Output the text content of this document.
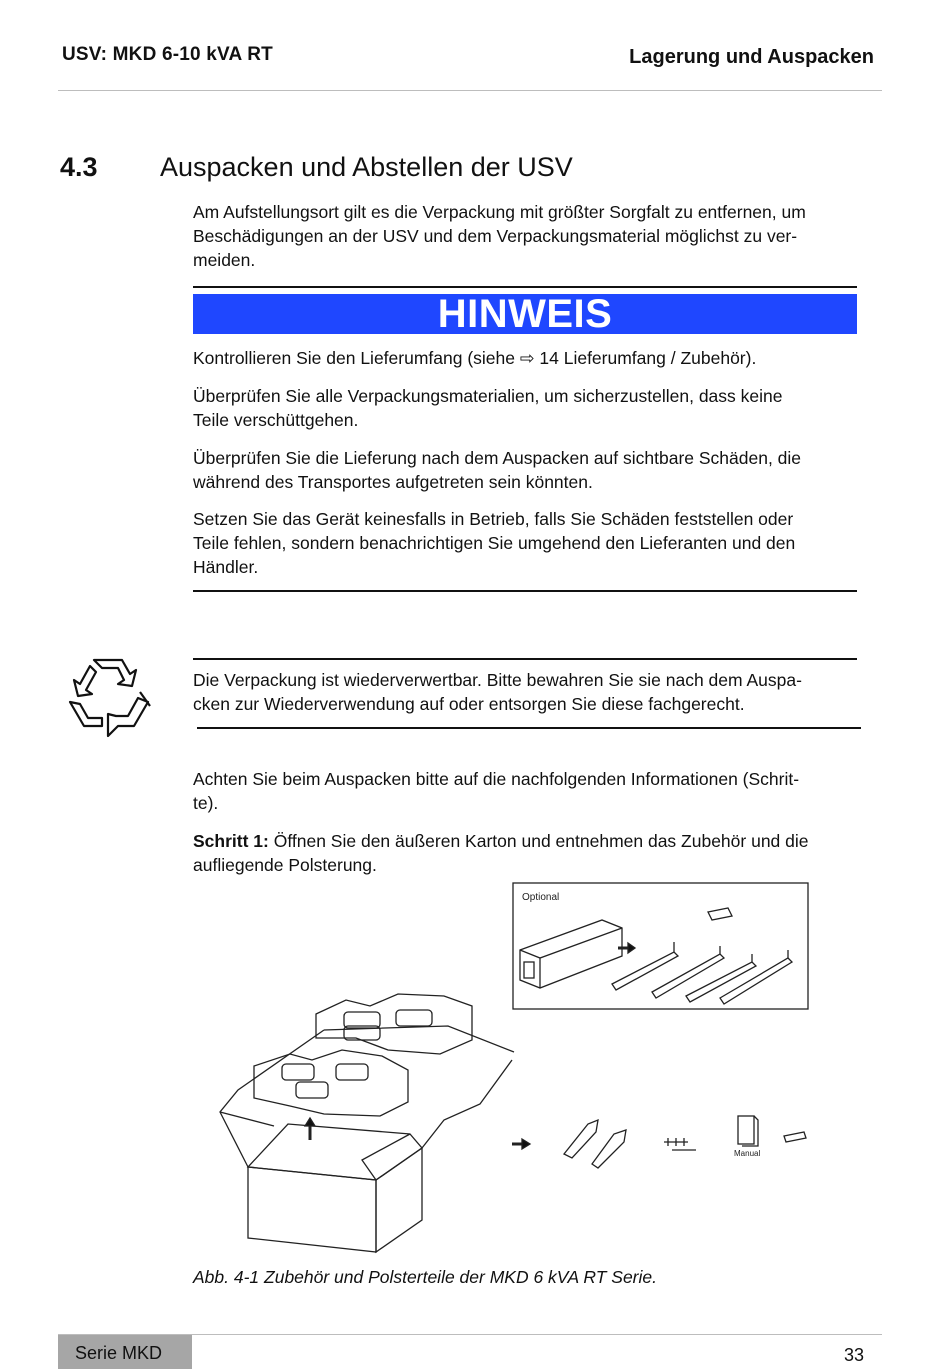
USV: MKD 6-10 kVA RT	Lagerung und Auspacken
4.3 Auspacken und Abstellen der USV
Am Aufstellungsort gilt es die Verpackung mit größter Sorgfalt zu entfernen, um
Beschädigungen an der USV und dem Verpackungsmaterial möglichst zu ver-
meiden.
HINWEIS
Kontrollieren Sie den Lieferumfang (siehe ⇨ 14 Lieferumfang / Zubehör).
Überprüfen Sie alle Verpackungsmaterialien, um sicherzustellen, dass keine
Teile verschüttgehen.
Überprüfen Sie die Lieferung nach dem Auspacken auf sichtbare Schäden, die
während des Transportes aufgetreten sein könnten.
Setzen Sie das Gerät keinesfalls in Betrieb, falls Sie Schäden feststellen oder
Teile fehlen, sondern benachrichtigen Sie umgehend den Lieferanten und den
Händler.
Die Verpackung ist wiederverwertbar. Bitte bewahren Sie sie nach dem Auspa-
cken zur Wiederverwendung auf oder entsorgen Sie diese fachgerecht.
Achten Sie beim Auspacken bitte auf die nachfolgenden Informationen (Schrit-
te).
Schritt 1: Öffnen Sie den äußeren Karton und entnehmen das Zubehör und die
aufliegende Polsterung.
Optional
Manual
Abb. 4-1 Zubehör und Polsterteile der MKD 6 kVA RT Serie.
Serie MKD	33
